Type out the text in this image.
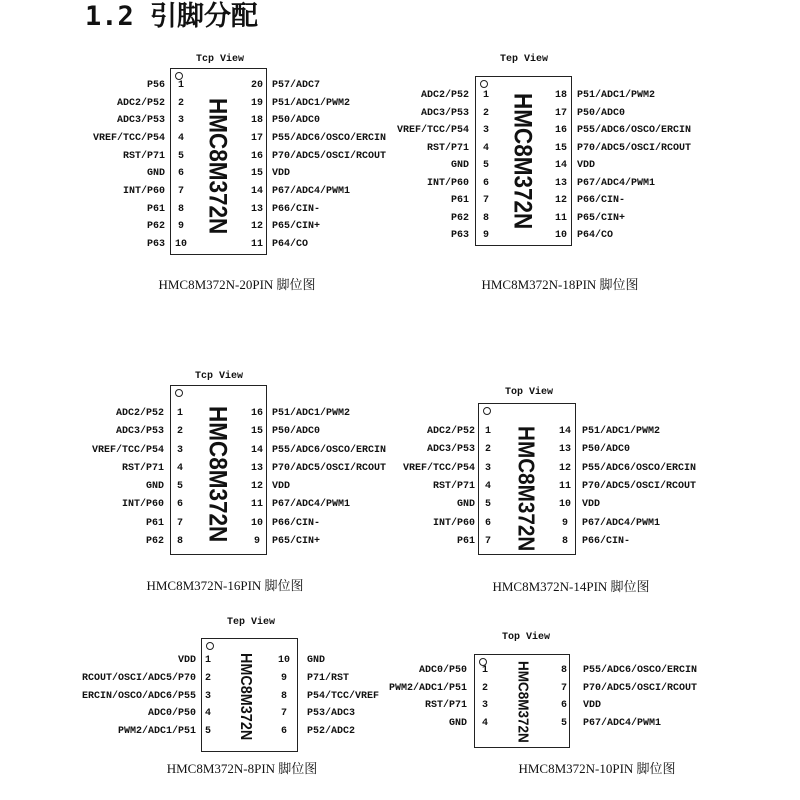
1.2 引脚分配
Tcp View
HMC8M372N
P56	1
ADC2/P52	2
ADC3/P53	3
VREF/TCC/P54	4
RST/P71	5
GND	6
INT/P60	7
P61	8
P62	9
P63 10
20 P57/ADC7
19 P51/ADC1/PWM2
18 P50/ADC0
17 P55/ADC6/OSCO/ERCIN
16 P70/ADC5/OSCI/RCOUT
15 VDD
14 P67/ADC4/PWM1
13 P66/CIN-
12 P65/CIN+
11 P64/CO
HMC8M372N-20PIN 脚位图
Tep View
HMC8M372N
ADC2/P52	1
ADC3/P53	2
VREF/TCC/P54	3
RST/P71	4
GND	5
INT/P60	6
P61	7
P62	8
P63	9
18	P51/ADC1/PWM2
17	P50/ADC0
16	P55/ADC6/OSCO/ERCIN
15	P70/ADC5/OSCI/RCOUT
14	VDD
13	P67/ADC4/PWM1
12	P66/CIN-
11	P65/CIN+
10	P64/CO
HMC8M372N-18PIN 脚位图
Tcp View
HMC8M372N
ADC2/P52	1
ADC3/P53	2
VREF/TCC/P54	3
RST/P71	4
GND	5
INT/P60	6
P61	7
P62	8
16 P51/ADC1/PWM2
15 P50/ADC0
14 P55/ADC6/OSCO/ERCIN
13 P70/ADC5/OSCI/RCOUT
12 VDD
11 P67/ADC4/PWM1
10 P66/CIN-
9	P65/CIN+
HMC8M372N-16PIN 脚位图
Top View
HMC8M372N
ADC2/P52 1
ADC3/P53 2
VREF/TCC/P54 3
RST/P71 4
GND 5
INT/P60 6
P61 7
14	P51/ADC1/PWM2
13	P50/ADC0
12	P55/ADC6/OSCO/ERCIN
11	P70/ADC5/OSCI/RCOUT
10	VDD
9	P67/ADC4/PWM1
8	P66/CIN-
HMC8M372N-14PIN 脚位图
Tep View
HMC8M372N
VDD 1
RCOUT/OSCI/ADC5/P70 2
ERCIN/OSCO/ADC6/P55 3
ADC0/P50 4
PWM2/ADC1/P51 5
10	GND
9	P71/RST
8	P54/TCC/VREF
7	P53/ADC3
6	P52/ADC2
HMC8M372N-8PIN 脚位图
Top View
HMC8M372N
ADC0/P50	1
PWM2/ADC1/P51	2
RST/P71	3
GND	4
8	P55/ADC6/OSCO/ERCIN
7	P70/ADC5/OSCI/RCOUT
6	VDD
5	P67/ADC4/PWM1
HMC8M372N-10PIN 脚位图
